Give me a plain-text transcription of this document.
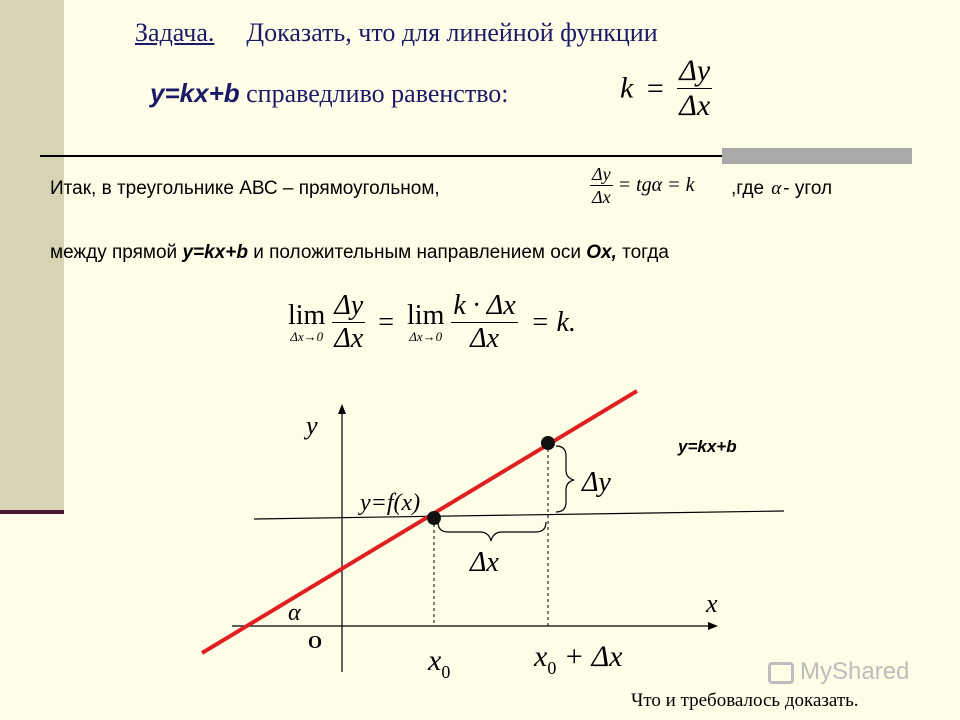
Задача. Доказать, что для линейной функции
y=kx+b справедливо равенство:	$k = \frac{\Delta y}{\Delta x}$
Итак, в треугольнике АВС – прямоугольном,	$\frac{\Delta y}{\Delta x} = tg\alpha = k$ ,где α - угол
между прямой y=kx+b и положительным направлением оси Ox, тогда
lim
Δx→0
$\frac{\Delta y}{\Delta x} = \lim$
Δx→0
$\frac{k \cdot \Delta x}{\Delta x} = k$.
y
x
O
α
y=f(x)
y=kx+b
Δy
Δx
$x_0$	$x_0 + \Delta x$
Что и требовалось доказать.
MyShared
